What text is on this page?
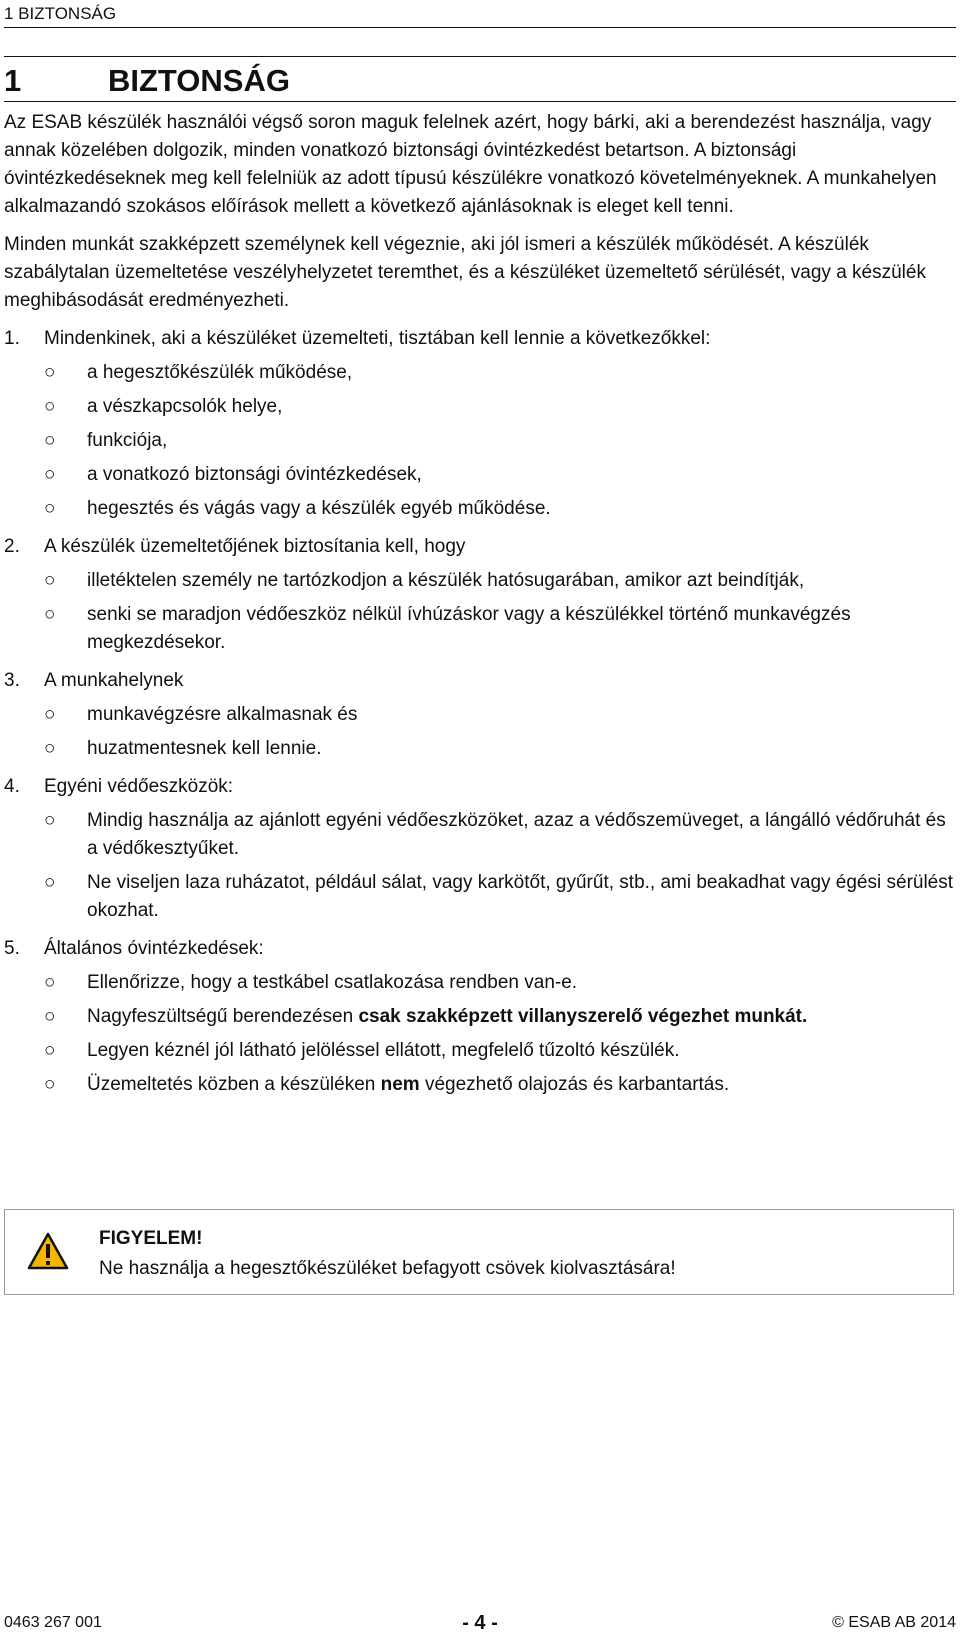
1 BIZTONSÁG
1	BIZTONSÁG

Az ESAB készülék használói végső soron maguk felelnek azért, hogy bárki, aki a berendezést használja, vagy annak közelében dolgozik, minden vonatkozó biztonsági óvintézkedést betartson. A biztonsági óvintézkedéseknek meg kell felelniük az adott típusú készülékre vonatkozó követelményeknek. A munkahelyen alkalmazandó szokásos előírások mellett a következő ajánlásoknak is eleget kell tenni.

Minden munkát szakképzett személynek kell végeznie, aki jól ismeri a készülék működését. A készülék szabálytalan üzemeltetése veszélyhelyzetet teremthet, és a készüléket üzemeltető sérülését, vagy a készülék meghibásodását eredményezheti.

1. Mindenkinek, aki a készüléket üzemelteti, tisztában kell lennie a következőkkel:
○ a hegesztőkészülék működése,
○ a vészkapcsolók helye,
○ funkciója,
○ a vonatkozó biztonsági óvintézkedések,
○ hegesztés és vágás vagy a készülék egyéb működése.
2. A készülék üzemeltetőjének biztosítania kell, hogy
○ illetéktelen személy ne tartózkodjon a készülék hatósugarában, amikor azt beindítják,
○ senki se maradjon védőeszköz nélkül ívhúzáskor vagy a készülékkel történő munkavégzés megkezdésekor.
3. A munkahelynek
○ munkavégzésre alkalmasnak és
○ huzatmentesnek kell lennie.
4. Egyéni védőeszközök:
○ Mindig használja az ajánlott egyéni védőeszközöket, azaz a védőszemüveget, a lángálló védőruhát és a védőkesztyűket.
○ Ne viseljen laza ruházatot, például sálat, vagy karkötőt, gyűrűt, stb., ami beakadhat vagy égési sérülést okozhat.
5. Általános óvintézkedések:
○ Ellenőrizze, hogy a testkábel csatlakozása rendben van-e.
○ Nagyfeszültségű berendezésen csak szakképzett villanyszerelő végezhet munkát.
○ Legyen kéznél jól látható jelöléssel ellátott, megfelelő tűzoltó készülék.
○ Üzemeltetés közben a készüléken nem végezhető olajozás és karbantartás.
FIGYELEM!
Ne használja a hegesztőkészüléket befagyott csövek kiolvasztására!
0463 267 001	- 4 -	© ESAB AB 2014
